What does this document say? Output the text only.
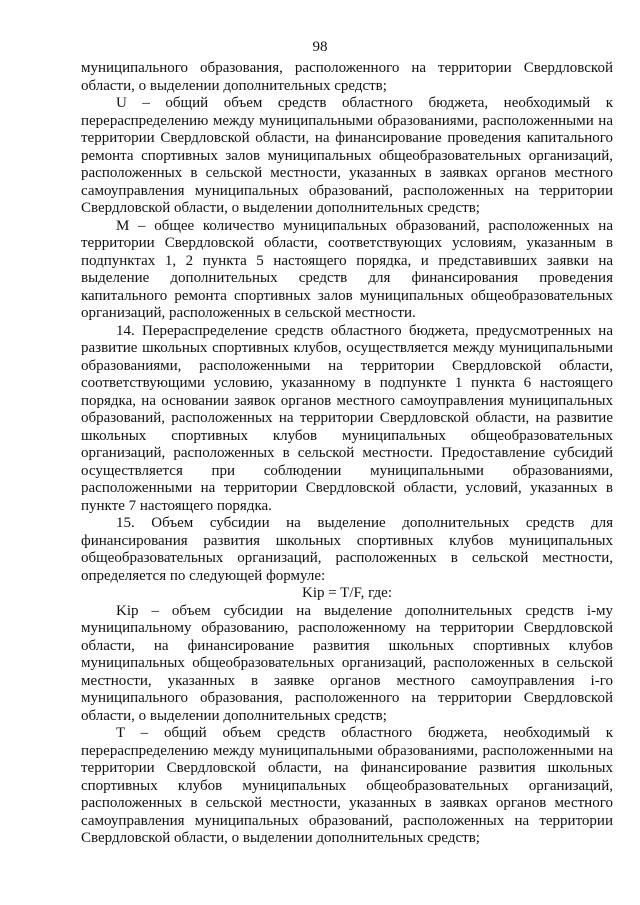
98

муниципального образования, расположенного на территории Свердловской области, о выделении дополнительных средств;

U – общий объем средств областного бюджета, необходимый к перераспределению между муниципальными образованиями, расположенными на территории Свердловской области, на финансирование проведения капитального ремонта спортивных залов муниципальных общеобразовательных организаций, расположенных в сельской местности, указанных в заявках органов местного самоуправления муниципальных образований, расположенных на территории Свердловской области, о выделении дополнительных средств;

M – общее количество муниципальных образований, расположенных на территории Свердловской области, соответствующих условиям, указанным в подпунктах 1, 2 пункта 5 настоящего порядка, и представивших заявки на выделение дополнительных средств для финансирования проведения капитального ремонта спортивных залов муниципальных общеобразовательных организаций, расположенных в сельской местности.

14. Перераспределение средств областного бюджета, предусмотренных на развитие школьных спортивных клубов, осуществляется между муниципальными образованиями, расположенными на территории Свердловской области, соответствующими условию, указанному в подпункте 1 пункта 6 настоящего порядка, на основании заявок органов местного самоуправления муниципальных образований, расположенных на территории Свердловской области, на развитие школьных спортивных клубов муниципальных общеобразовательных организаций, расположенных в сельской местности. Предоставление субсидий осуществляется при соблюдении муниципальными образованиями, расположенными на территории Свердловской области, условий, указанных в пункте 7 настоящего порядка.

15. Объем субсидии на выделение дополнительных средств для финансирования развития школьных спортивных клубов муниципальных общеобразовательных организаций, расположенных в сельской местности, определяется по следующей формуле:

Kip = T/F, где:

Kip – объем субсидии на выделение дополнительных средств i-му муниципальному образованию, расположенному на территории Свердловской области, на финансирование развития школьных спортивных клубов муниципальных общеобразовательных организаций, расположенных в сельской местности, указанных в заявке органов местного самоуправления i-го муниципального образования, расположенного на территории Свердловской области, о выделении дополнительных средств;

T – общий объем средств областного бюджета, необходимый к перераспределению между муниципальными образованиями, расположенными на территории Свердловской области, на финансирование развития школьных спортивных клубов муниципальных общеобразовательных организаций, расположенных в сельской местности, указанных в заявках органов местного самоуправления муниципальных образований, расположенных на территории Свердловской области, о выделении дополнительных средств;
